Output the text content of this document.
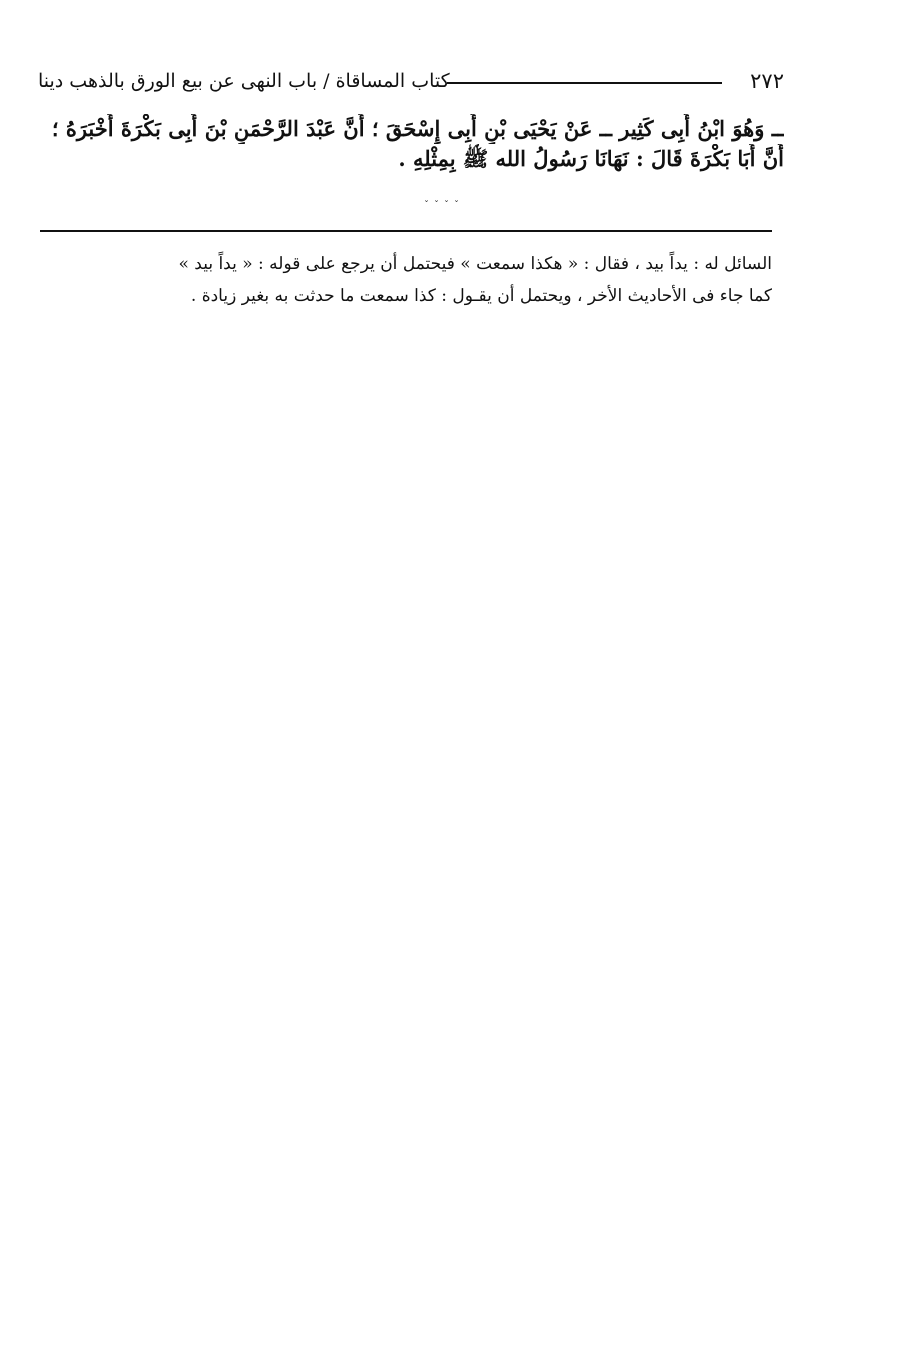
٢٧٢
كتاب المساقاة / باب النهى عن بيع الورق بالذهب دينا
ــ وَهُوَ ابْنُ أَبِى كَثِير ــ عَنْ يَحْيَى بْنِ أَبِى إِسْحَقَ ؛ أَنَّ عَبْدَ الرَّحْمَنِ بْنَ أَبِى بَكْرَةَ أَخْبَرَهُ ؛
أَنَّ أَبَا بَكْرَةَ قَالَ : نَهَانَا رَسُولُ الله ﷺ بِمِثْلِهِ .
ˇˇˇˇ
السائل له : يداً بيد ، فقال : « هكذا سمعت » فيحتمل أن يرجع على قوله : « يداً بيد »
كما جاء فى الأحاديث الأخر ، ويحتمل أن يقـول : كذا سمعت ما حدثت به بغير زيادة .
